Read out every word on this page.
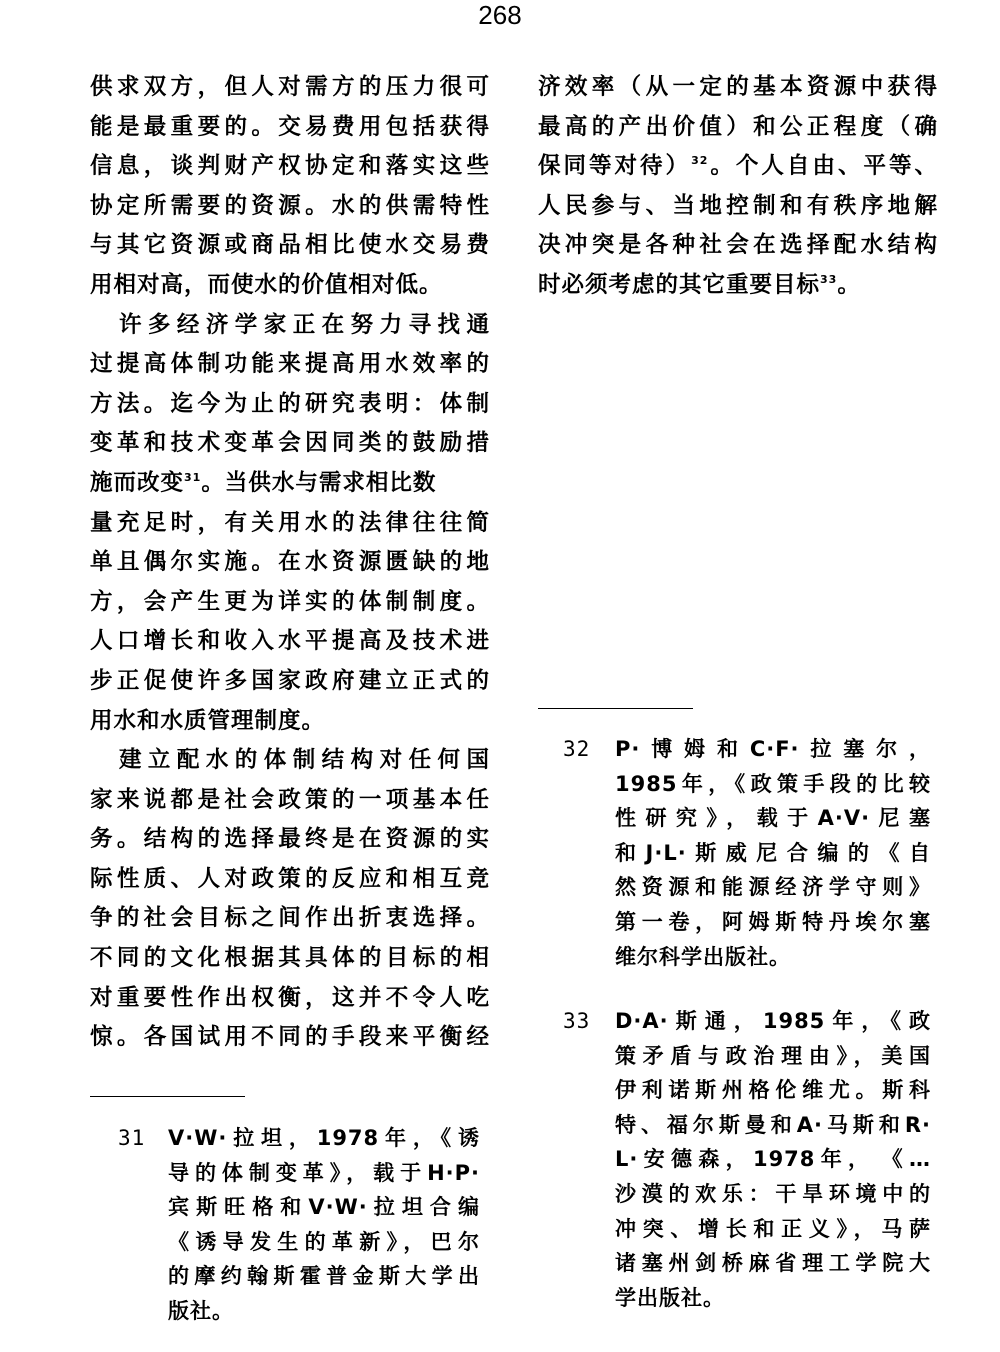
268

供求双方，但人对需方的压力很可
能是最重要的。交易费用包括获得
信息，谈判财产权协定和落实这些
协定所需要的资源。水的供需特性
与其它资源或商品相比使水交易费
用相对高，而使水的价值相对低。

　许多经济学家正在努力寻找通
过提高体制功能来提高用水效率的
方法。迄今为止的研究表明：体制
变革和技术变革会因同类的鼓励措
施而改变$^{31}$。当供水与需求相比数
量充足时，有关用水的法律往往简
单且偶尔实施。在水资源匮缺的地
方，会产生更为详实的体制制度。
人口增长和收入水平提高及技术进
步正促使许多国家政府建立正式的
用水和水质管理制度。

　建立配水的体制结构对任何国
家来说都是社会政策的一项基本任
务。结构的选择最终是在资源的实
际性质、人对政策的反应和相互竞
争的社会目标之间作出折衷选择。
不同的文化根据其具体的目标的相
对重要性作出权衡，这并不令人吃
惊。各国试用不同的手段来平衡经

31 V·W·拉坦，1978年，《诱
导的体制变革》，载于H·P·
宾斯旺格和V·W·拉坦合编
《诱导发生的革新》，巴尔
的摩约翰斯霍普金斯大学出
版社。

济效率（从一定的基本资源中获得
最高的产出价值）和公正程度（确
保同等对待）$^{32}$。个人自由、平等、
人民参与、当地控制和有秩序地解
决冲突是各种社会在选择配水结构
时必须考虑的其它重要目标$^{33}$。

32 P·博姆和C·F·拉塞尔，
1985年，《政策手段的比较
性研究》，载于A·V·尼塞
和J·L·斯威尼合编的《自
然资源和能源经济学守则》
第一卷，阿姆斯特丹埃尔塞
维尔科学出版社。
33 D·A·斯通，1985年，《政
策矛盾与政治理由》，美国
伊利诺斯州格伦维尤。斯科
特、福尔斯曼和A·马斯和R·
L·安德森，1978年，　《…
沙漠的欢乐：干旱环境中的
冲突、增长和正义》，马萨
诸塞州剑桥麻省理工学院大
学出版社。
